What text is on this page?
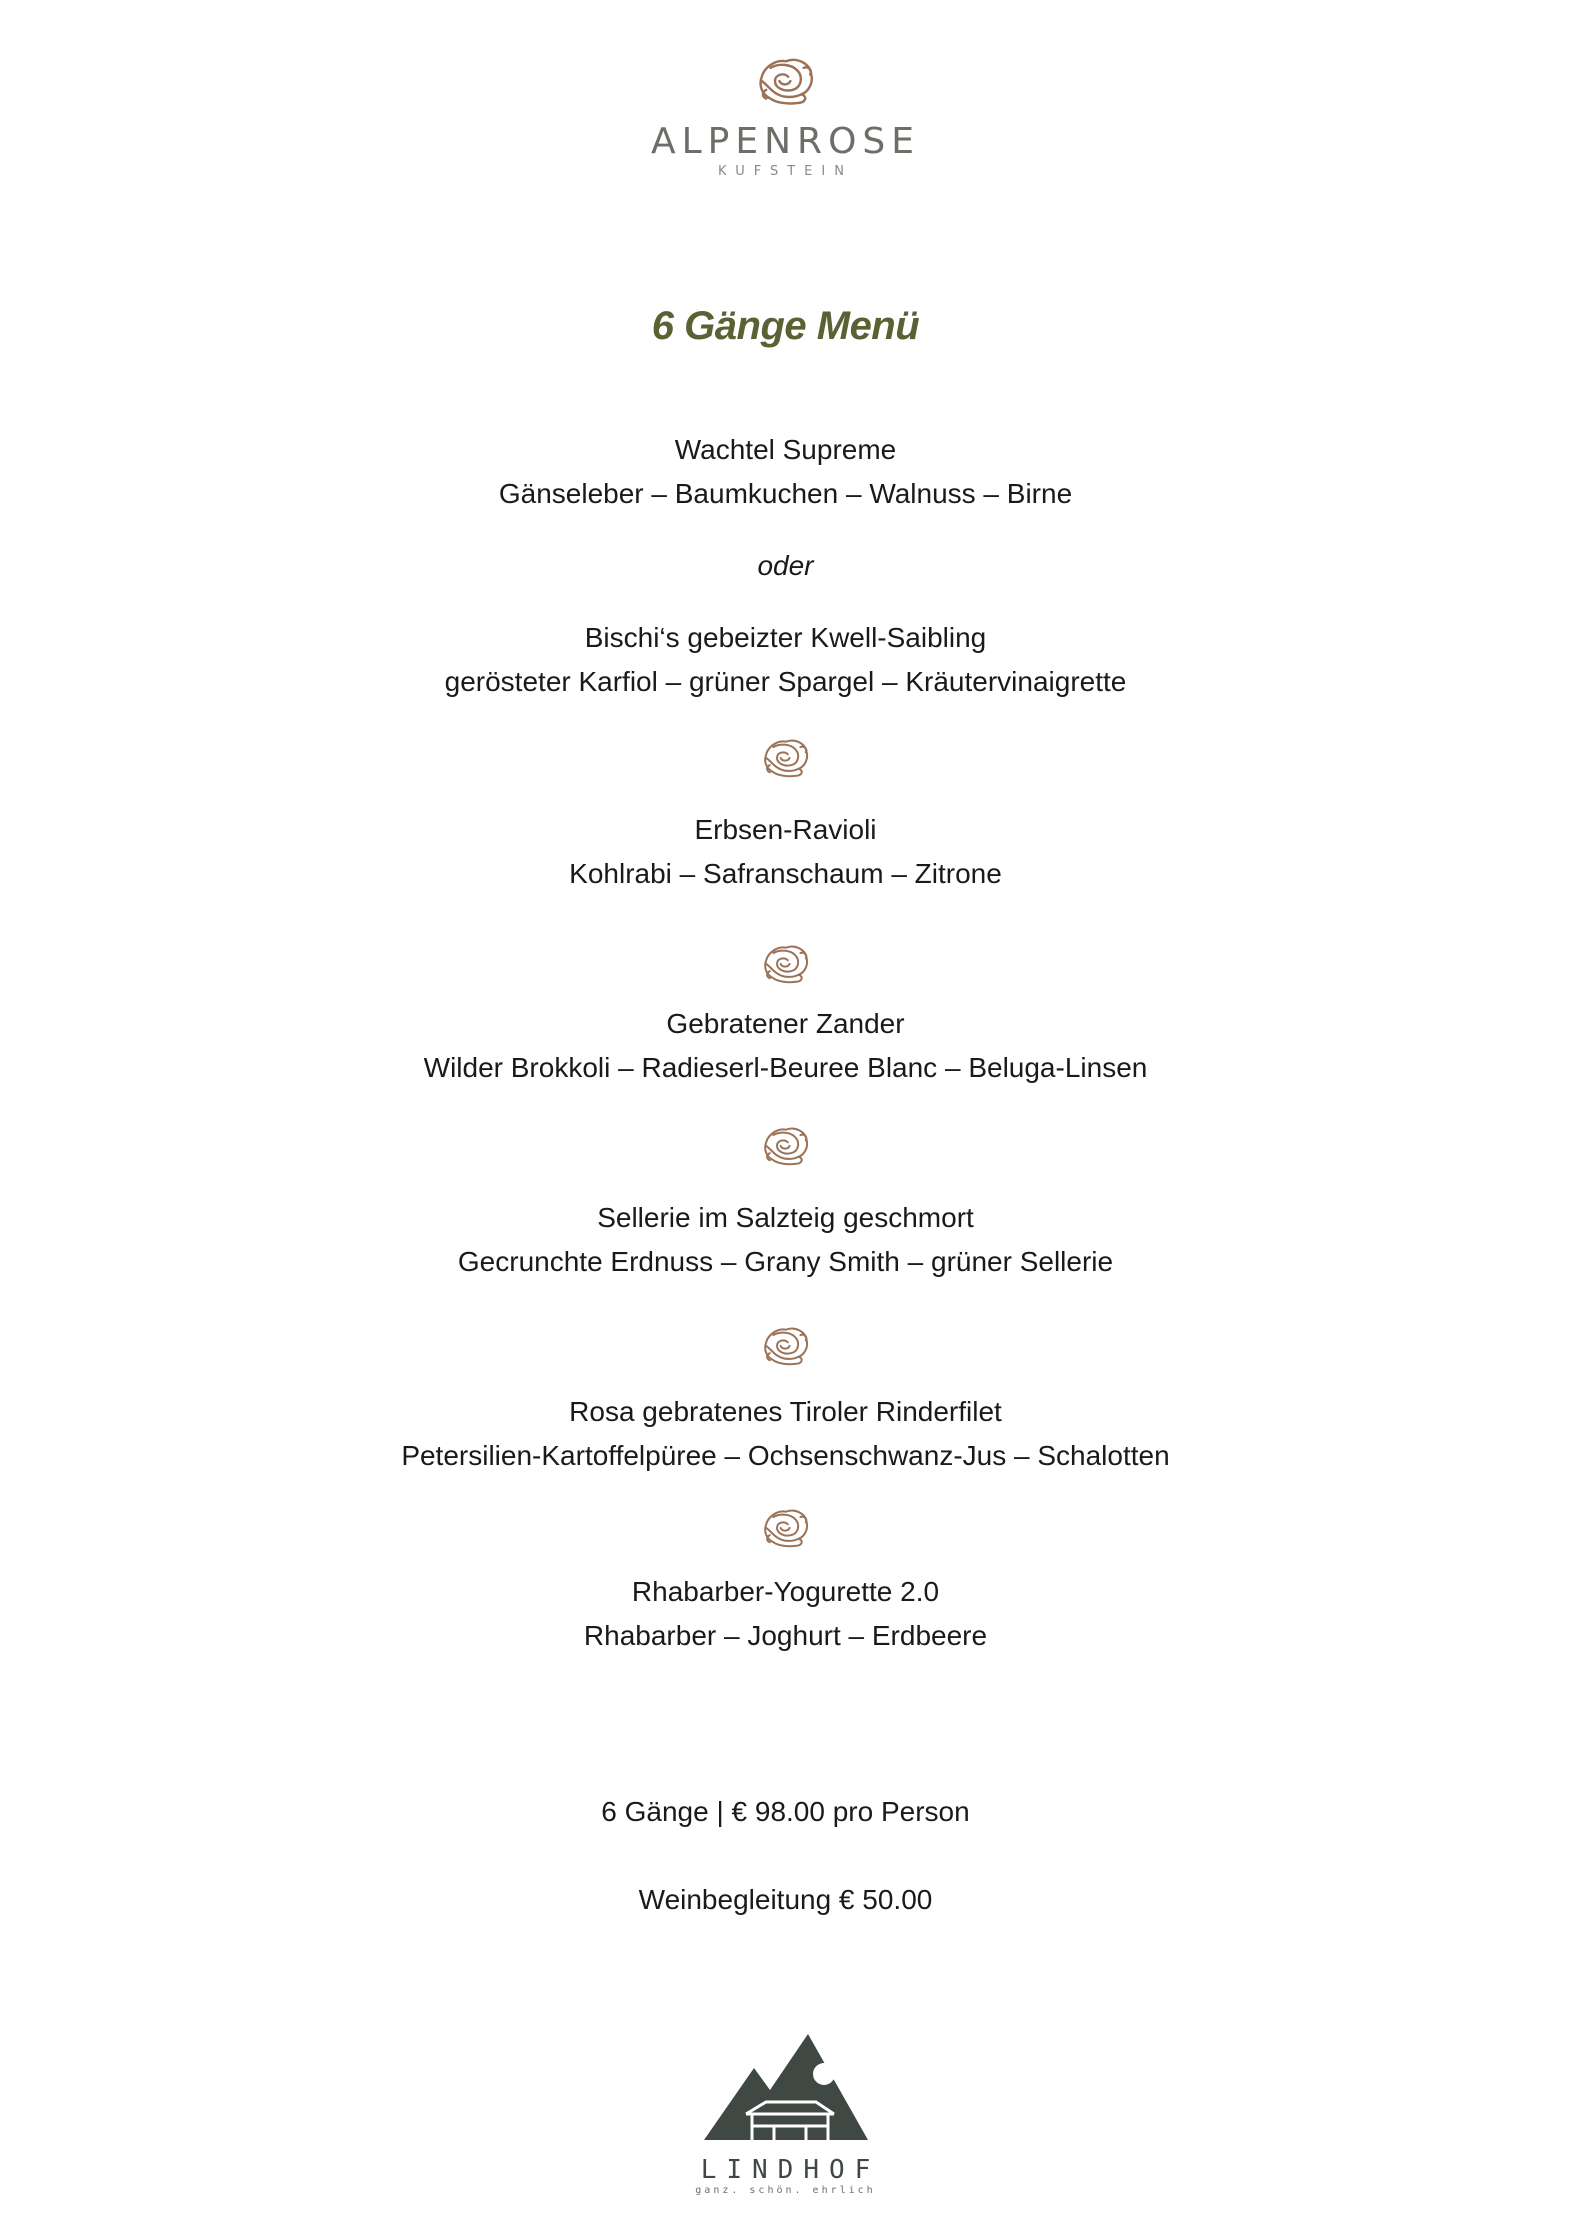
ALPENROSE
KUFSTEIN
6 Gänge Menü
Wachtel Supreme
Gänseleber – Baumkuchen – Walnuss – Birne
oder
Bischi‘s gebeizter Kwell-Saibling
gerösteter Karfiol – grüner Spargel – Kräutervinaigrette
Erbsen-Ravioli
Kohlrabi – Safranschaum – Zitrone
Gebratener Zander
Wilder Brokkoli – Radieserl-Beuree Blanc – Beluga-Linsen
Sellerie im Salzteig geschmort
Gecrunchte Erdnuss – Grany Smith – grüner Sellerie
Rosa gebratenes Tiroler Rinderfilet
Petersilien-Kartoffelpüree – Ochsenschwanz-Jus – Schalotten
Rhabarber-Yogurette 2.0
Rhabarber – Joghurt – Erdbeere
6 Gänge | € 98.00 pro Person
Weinbegleitung € 50.00
LINDHOF
ganz. schön. ehrlich
